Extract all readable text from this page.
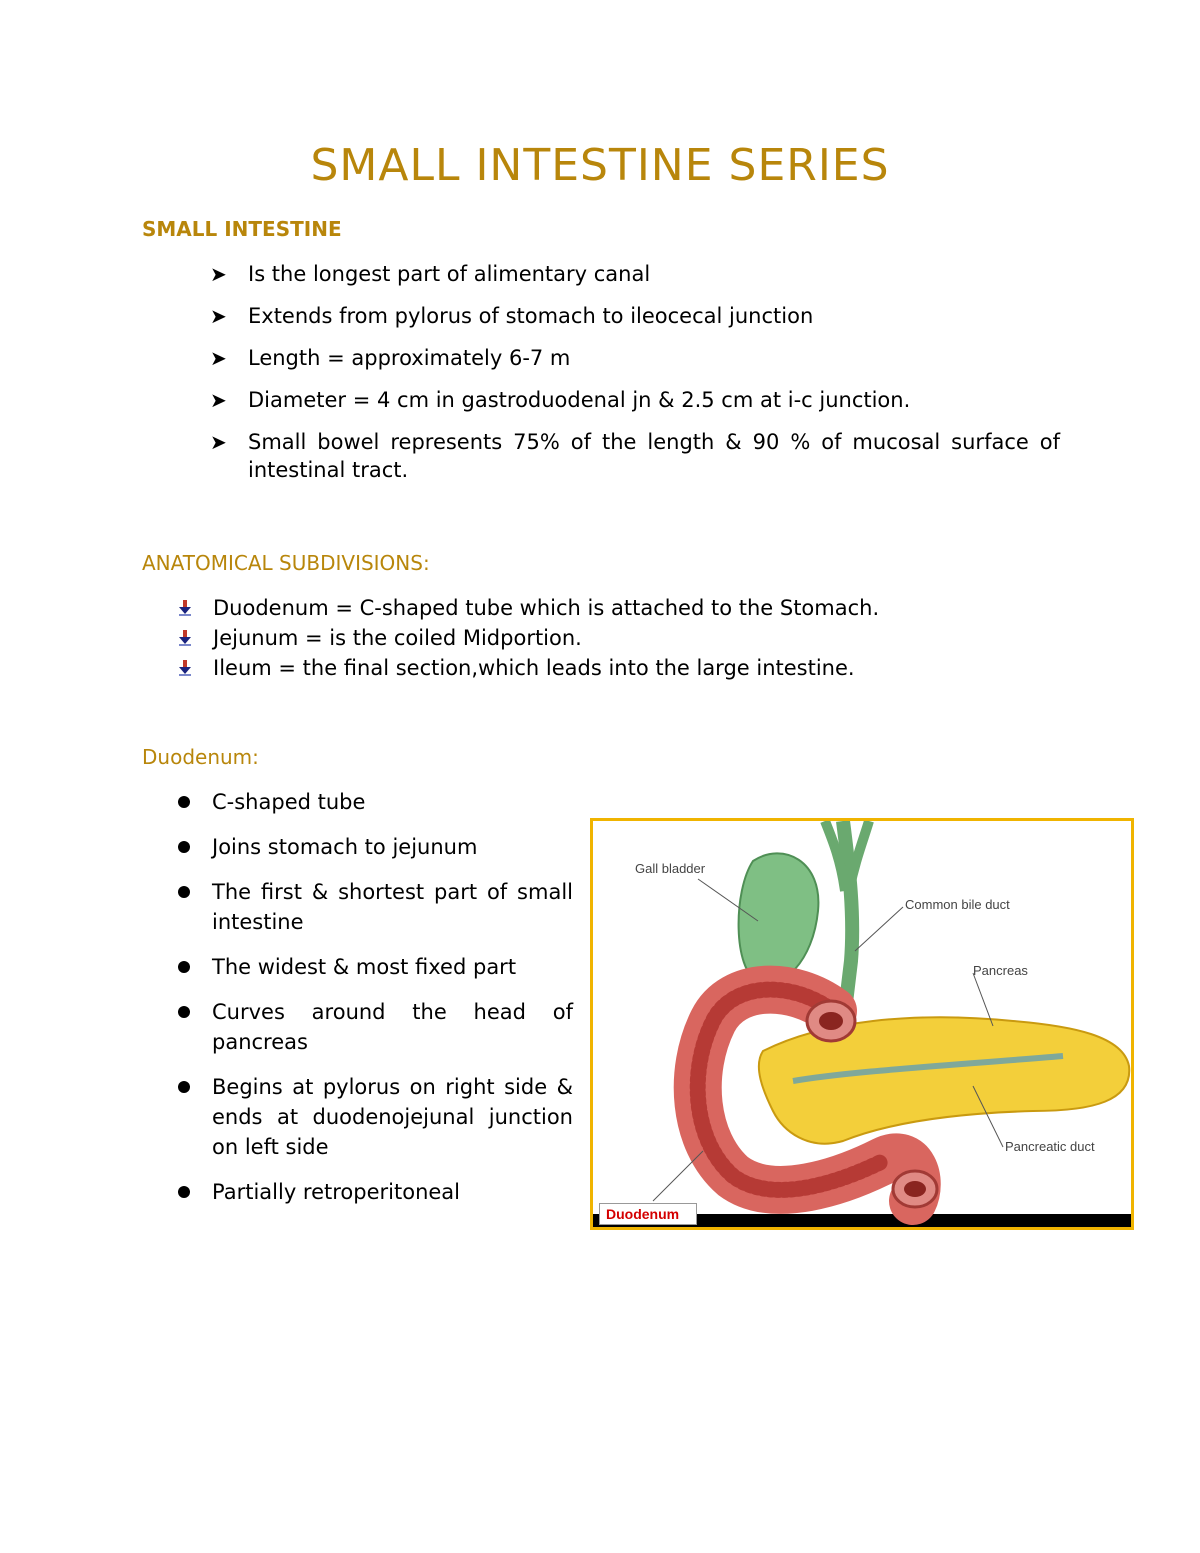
SMALL INTESTINE SERIES
SMALL INTESTINE
➤ Is the longest part of alimentary canal
➤ Extends from pylorus of stomach to ileocecal junction
➤ Length = approximately 6-7 m
➤ Diameter = 4 cm in gastroduodenal jn & 2.5 cm at i-c junction.
➤ Small bowel represents 75% of the length & 90 % of mucosal surface of intestinal tract.
ANATOMICAL SUBDIVISIONS:
Duodenum = C-shaped tube which is attached to the Stomach.
Jejunum = is the coiled Midportion.
Ileum = the final section,which leads into the large intestine.
Duodenum:
C-shaped tube
Joins stomach to jejunum
The first & shortest part of small intestine
The widest & most fixed part
Curves around the head of pancreas
Begins at pylorus on right side & ends at duodenojejunal junction on left side
Partially retroperitoneal
Gall bladder
Common bile duct
Pancreas
Pancreatic duct
Duodenum
